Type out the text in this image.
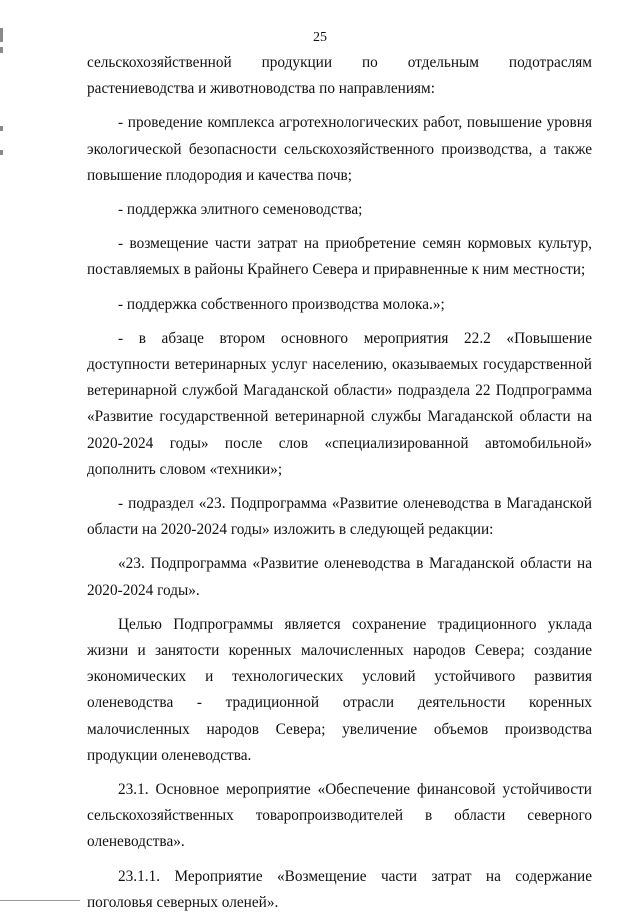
25

сельскохозяйственной продукции по отдельным подотраслям растениеводства и животноводства по направлениям:

- проведение комплекса агротехнологических работ, повышение уровня экологической безопасности сельскохозяйственного производства, а также повышение плодородия и качества почв;

- поддержка элитного семеноводства;

- возмещение части затрат на приобретение семян кормовых культур, поставляемых в районы Крайнего Севера и приравненные к ним местности;

- поддержка собственного производства молока.»;

- в абзаце втором основного мероприятия 22.2 «Повышение доступности ветеринарных услуг населению, оказываемых государственной ветеринарной службой Магаданской области» подраздела 22 Подпрограмма «Развитие государственной ветеринарной службы Магаданской области на 2020-2024 годы» после слов «специализированной автомобильной» дополнить словом «техники»;

- подраздел «23. Подпрограмма «Развитие оленеводства в Магаданской области на 2020-2024 годы» изложить в следующей редакции:

«23. Подпрограмма «Развитие оленеводства в Магаданской области на 2020-2024 годы».

Целью Подпрограммы является сохранение традиционного уклада жизни и занятости коренных малочисленных народов Севера; создание экономических и технологических условий устойчивого развития оленеводства - традиционной отрасли деятельности коренных малочисленных народов Севера; увеличение объемов производства продукции оленеводства.

23.1. Основное мероприятие «Обеспечение финансовой устойчивости сельскохозяйственных товаропроизводителей в области северного оленеводства».

23.1.1. Мероприятие «Возмещение части затрат на содержание поголовья северных оленей».
